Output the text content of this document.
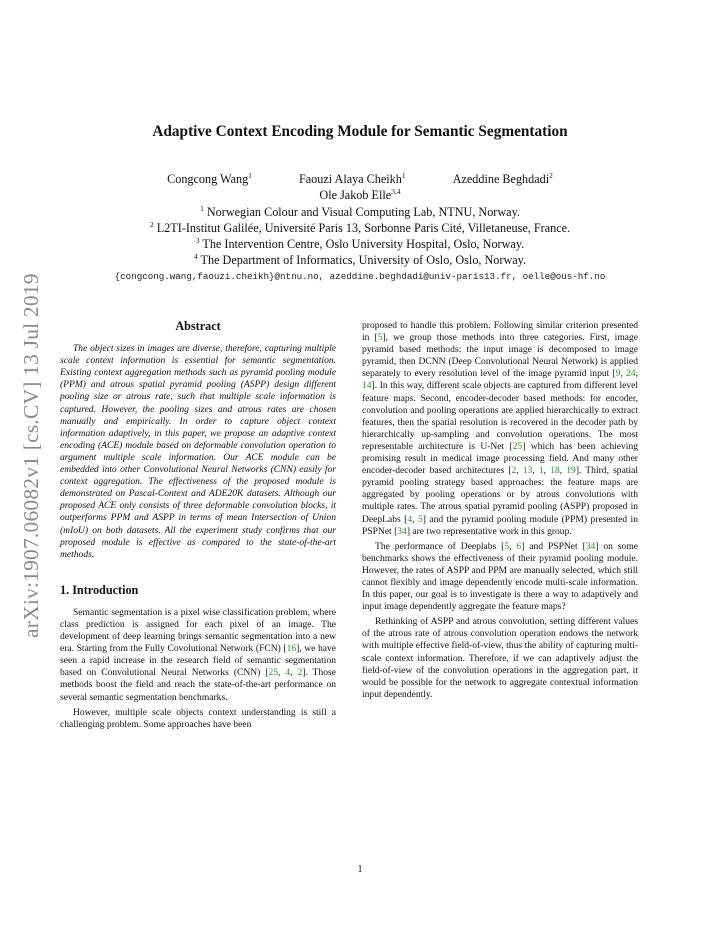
arXiv:1907.06082v1 [cs.CV] 13 Jul 2019
Adaptive Context Encoding Module for Semantic Segmentation
Congcong Wang$^1$	Faouzi Alaya Cheikh$^1$	Azeddine Beghdadi$^2$
Ole Jakob Elle$^{3,4}$
$^1$ Norwegian Colour and Visual Computing Lab, NTNU, Norway.
$^2$ L2TI-Institut Galilée, Université Paris 13, Sorbonne Paris Cité, Villetaneuse, France.
$^3$ The Intervention Centre, Oslo University Hospital, Oslo, Norway.
$^4$ The Department of Informatics, University of Oslo, Oslo, Norway.
{congcong.wang,faouzi.cheikh}@ntnu.no, azeddine.beghdadi@univ-paris13.fr, oelle@ous-hf.no
Abstract

The object sizes in images are diverse, therefore, capturing multiple scale context information is essential for semantic segmentation. Existing context aggregation methods such as pyramid pooling module (PPM) and atrous spatial pyramid pooling (ASPP) design different pooling size or atrous rate, such that multiple scale information is captured. However, the pooling sizes and atrous rates are chosen manually and empirically. In order to capture object context information adaptively, in this paper, we propose an adaptive context encoding (ACE) module based on deformable convolution operation to argument multiple scale information. Our ACE module can be embedded into other Convolutional Neural Networks (CNN) easily for context aggregation. The effectiveness of the proposed module is demonstrated on Pascal-Context and ADE20K datasets. Although our proposed ACE only consists of three deformable convolution blocks, it outperforms PPM and ASPP in terms of mean Intersection of Union (mIoU) on both datasets. All the experiment study confirms that our proposed module is effective as compared to the state-of-the-art methods.

1. Introduction

Semantic segmentation is a pixel wise classification problem, where class prediction is assigned for each pixel of an image. The development of deep learning brings semantic segmentation into a new era. Starting from the Fully Covolutional Network (FCN) [16], we have seen a rapid increase in the research field of semantic segmentation based on Convolutional Neural Networks (CNN) [25, 4, 2]. Those methods boost the field and reach the state-of-the-art performance on several semantic segmentation benchmarks.

However, multiple scale objects context understanding is still a challenging problem. Some approaches have been

proposed to handle this problem. Following similar criterion presented in [5], we group those methods into three categories. First, image pyramid based methods: the input image is decomposed to image pyramid, then DCNN (Deep Convolutional Neural Network) is applied separately to every resolution level of the image pyramid input [9, 24, 14]. In this way, different scale objects are captured from different level feature maps. Second, encoder-decoder based methods: for encoder, convolution and pooling operations are applied hierarchically to extract features, then the spatial resolution is recovered in the decoder path by hierarchically up-sampling and convolution operations. The most representable architecture is U-Net [25] which has been achieving promising result in medical image processing field. And many other encoder-decoder based architectures [2, 13, 1, 18, 19]. Third, spatial pyramid pooling strategy based approaches: the feature maps are aggregated by pooling operations or by atrous convolutions with multiple rates. The atrous spatial pyramid pooling (ASPP) proposed in DeepLabs [4, 5] and the pyramid pooling module (PPM) presented in PSPNet [34] are two representative work in this group.

The performance of Deeplabs [5, 6] and PSPNet [34] on some benchmarks shows the effectiveness of their pyramid pooling module. However, the rates of ASPP and PPM are manually selected, which still cannot flexibly and image dependently encode multi-scale information. In this paper, our goal is to investigate is there a way to adaptively and input image dependently aggregate the feature maps?

Rethinking of ASPP and atrous convolution, setting different values of the atrous rate of atrous convolution operation endows the network with multiple effective field-of-view, thus the ability of capturing multi-scale context information. Therefore, if we can adaptively adjust the field-of-view of the convolution operations in the aggregation part, it would be possible for the network to aggregate contextual information input dependently.

1
